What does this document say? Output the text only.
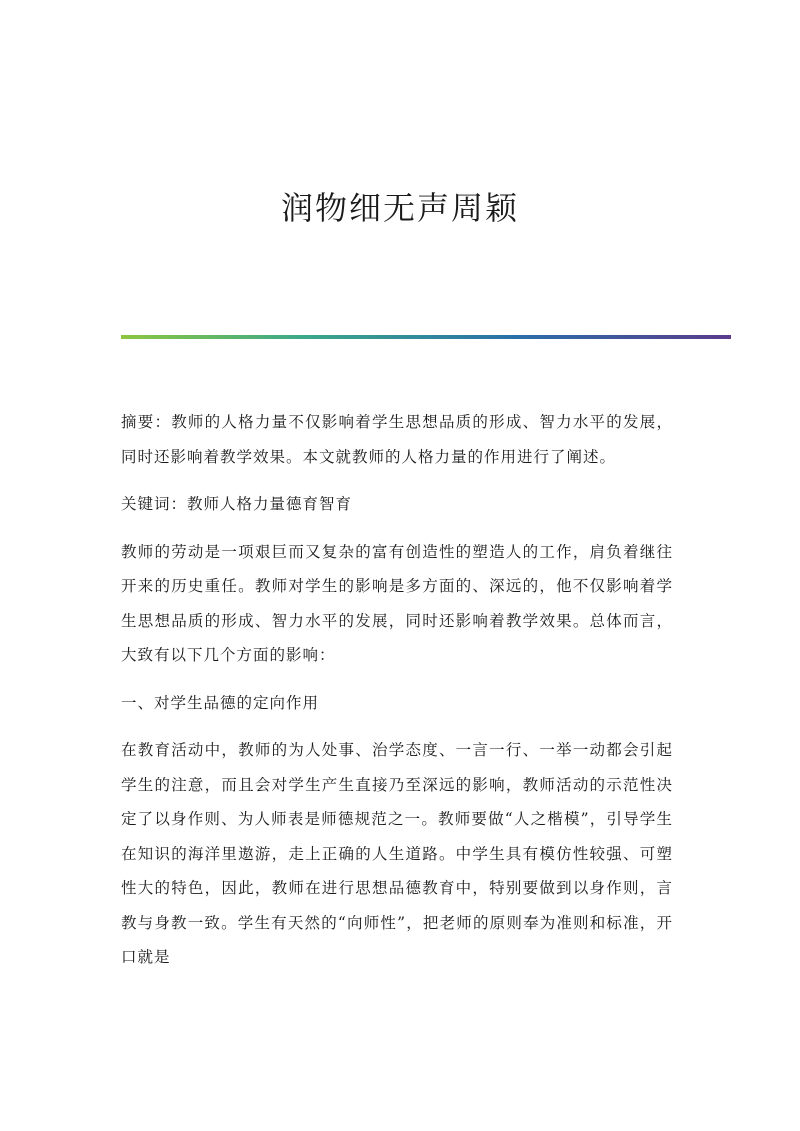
润物细无声周颖

摘要：教师的人格力量不仅影响着学生思想品质的形成、智力水平的发展，同时还影响着教学效果。本文就教师的人格力量的作用进行了阐述。

关键词：教师人格力量德育智育

教师的劳动是一项艰巨而又复杂的富有创造性的塑造人的工作，肩负着继往开来的历史重任。教师对学生的影响是多方面的、深远的，他不仅影响着学生思想品质的形成、智力水平的发展，同时还影响着教学效果。总体而言，大致有以下几个方面的影响：

一、对学生品德的定向作用

在教育活动中，教师的为人处事、治学态度、一言一行、一举一动都会引起学生的注意，而且会对学生产生直接乃至深远的影响，教师活动的示范性决定了以身作则、为人师表是师德规范之一。教师要做“人之楷模”，引导学生在知识的海洋里遨游，走上正确的人生道路。中学生具有模仿性较强、可塑性大的特色，因此，教师在进行思想品德教育中，特别要做到以身作则，言教与身教一致。学生有天然的“向师性”，把老师的原则奉为准则和标准，开口就是
